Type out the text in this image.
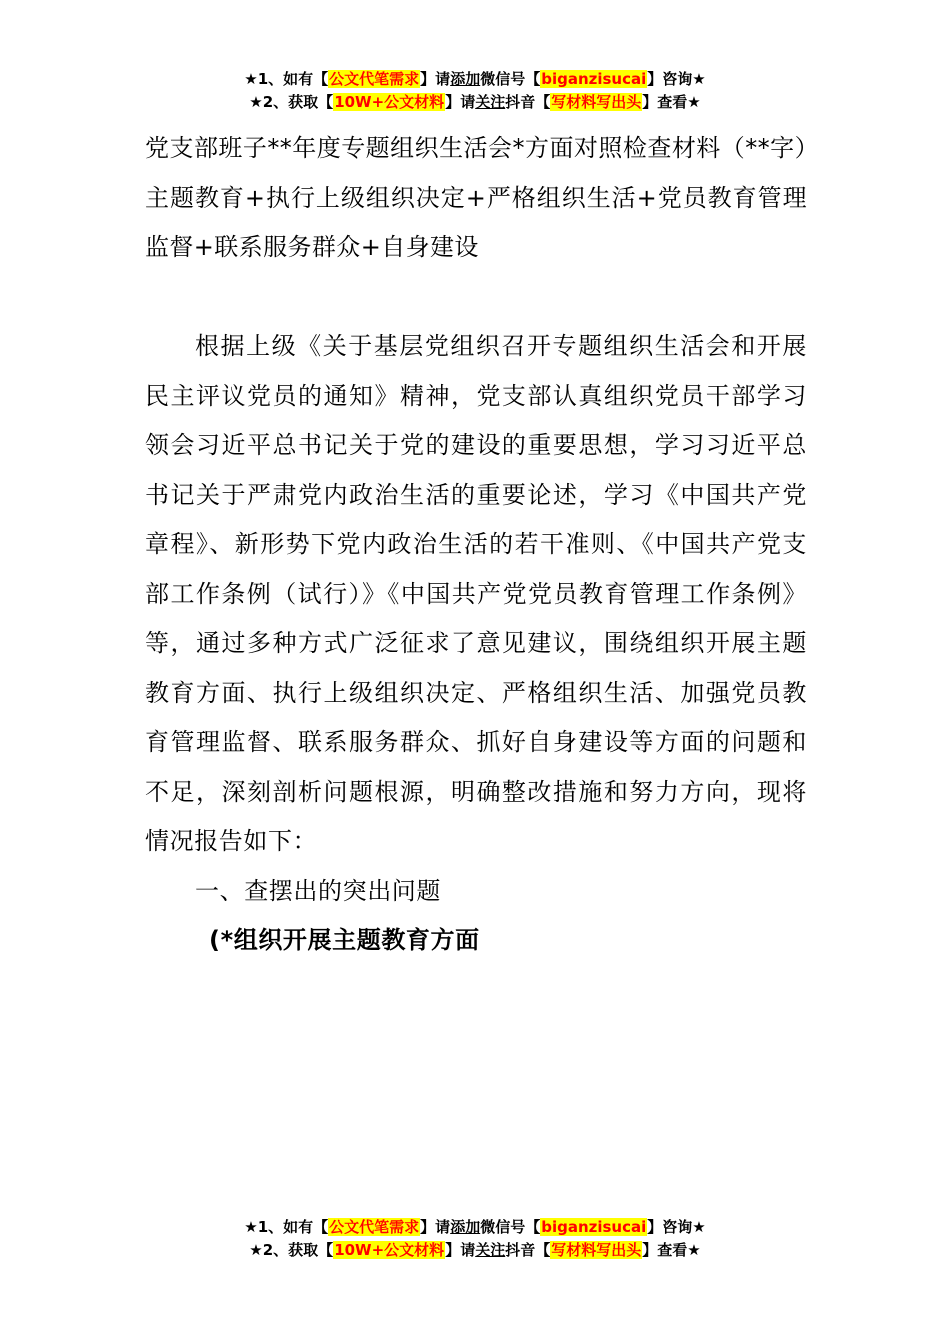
★1、如有【公文代笔需求】请添加微信号【biganzisucai】咨询★
★2、获取【10W+公文材料】请关注抖音【写材料写出头】查看★
党支部班子**年度专题组织生活会*方面对照检查材料（**字）主题教育+执行上级组织决定+严格组织生活+党员教育管理监督+联系服务群众+自身建设

根据上级《关于基层党组织召开专题组织生活会和开展民主评议党员的通知》精神，党支部认真组织党员干部学习领会习近平总书记关于党的建设的重要思想，学习习近平总书记关于严肃党内政治生活的重要论述，学习《中国共产党章程》、新形势下党内政治生活的若干准则、《中国共产党支部工作条例（试行）》《中国共产党党员教育管理工作条例》等，通过多种方式广泛征求了意见建议，围绕组织开展主题教育方面、执行上级组织决定、严格组织生活、加强党员教育管理监督、联系服务群众、抓好自身建设等方面的问题和不足，深刻剖析问题根源，明确整改措施和努力方向，现将情况报告如下：

一、查摆出的突出问题

(*组织开展主题教育方面

★1、如有【公文代笔需求】请添加微信号【biganzisucai】咨询★
★2、获取【10W+公文材料】请关注抖音【写材料写出头】查看★
